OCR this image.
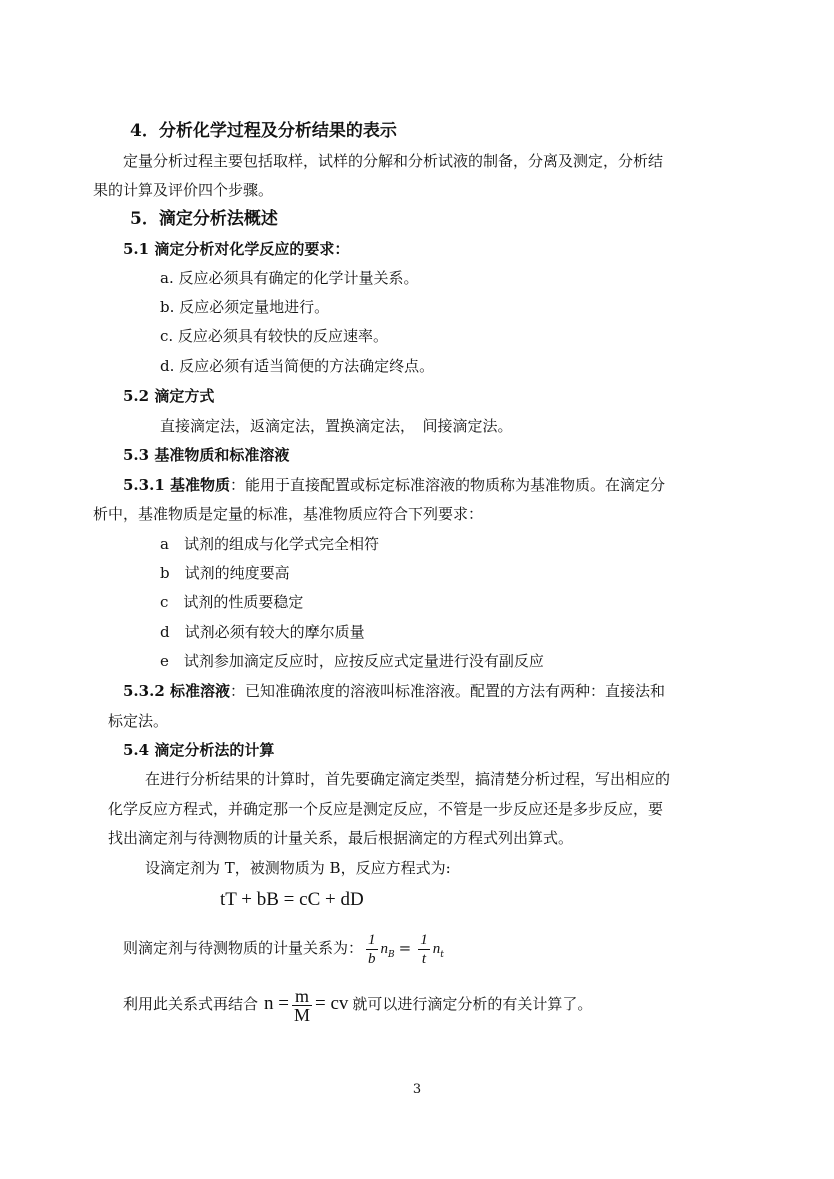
4．分析化学过程及分析结果的表示
定量分析过程主要包括取样，试样的分解和分析试液的制备，分离及测定，分析结
果的计算及评价四个步骤。
5．滴定分析法概述
5.1 滴定分析对化学反应的要求：
a. 反应必须具有确定的化学计量关系。
b. 反应必须定量地进行。
c. 反应必须具有较快的反应速率。
d. 反应必须有适当简便的方法确定终点。
5.2 滴定方式
直接滴定法，返滴定法，置换滴定法，　间接滴定法。
5.3 基准物质和标准溶液
5.3.1 基准物质：能用于直接配置或标定标准溶液的物质称为基准物质。在滴定分
析中，基准物质是定量的标准，基准物质应符合下列要求：
a　试剂的组成与化学式完全相符
b　试剂的纯度要高
c　试剂的性质要稳定
d　试剂必须有较大的摩尔质量
e　试剂参加滴定反应时，应按反应式定量进行没有副反应
5.3.2 标准溶液：已知准确浓度的溶液叫标准溶液。配置的方法有两种：直接法和
标定法。
5.4 滴定分析法的计算
在进行分析结果的计算时，首先要确定滴定类型，搞清楚分析过程，写出相应的
化学反应方程式，并确定那一个反应是测定反应，不管是一步反应还是多步反应，要
找出滴定剂与待测物质的计量关系，最后根据滴定的方程式列出算式。
设滴定剂为 T，被测物质为 B，反应方程式为:
tT + bB = cC + dD
则滴定剂与待测物质的计量关系为： $\frac{1}{b} n_B = \frac{1}{t} n_t$
利用此关系式再结合 $n = \frac{m}{M}$ = cv 就可以进行滴定分析的有关计算了。
3
